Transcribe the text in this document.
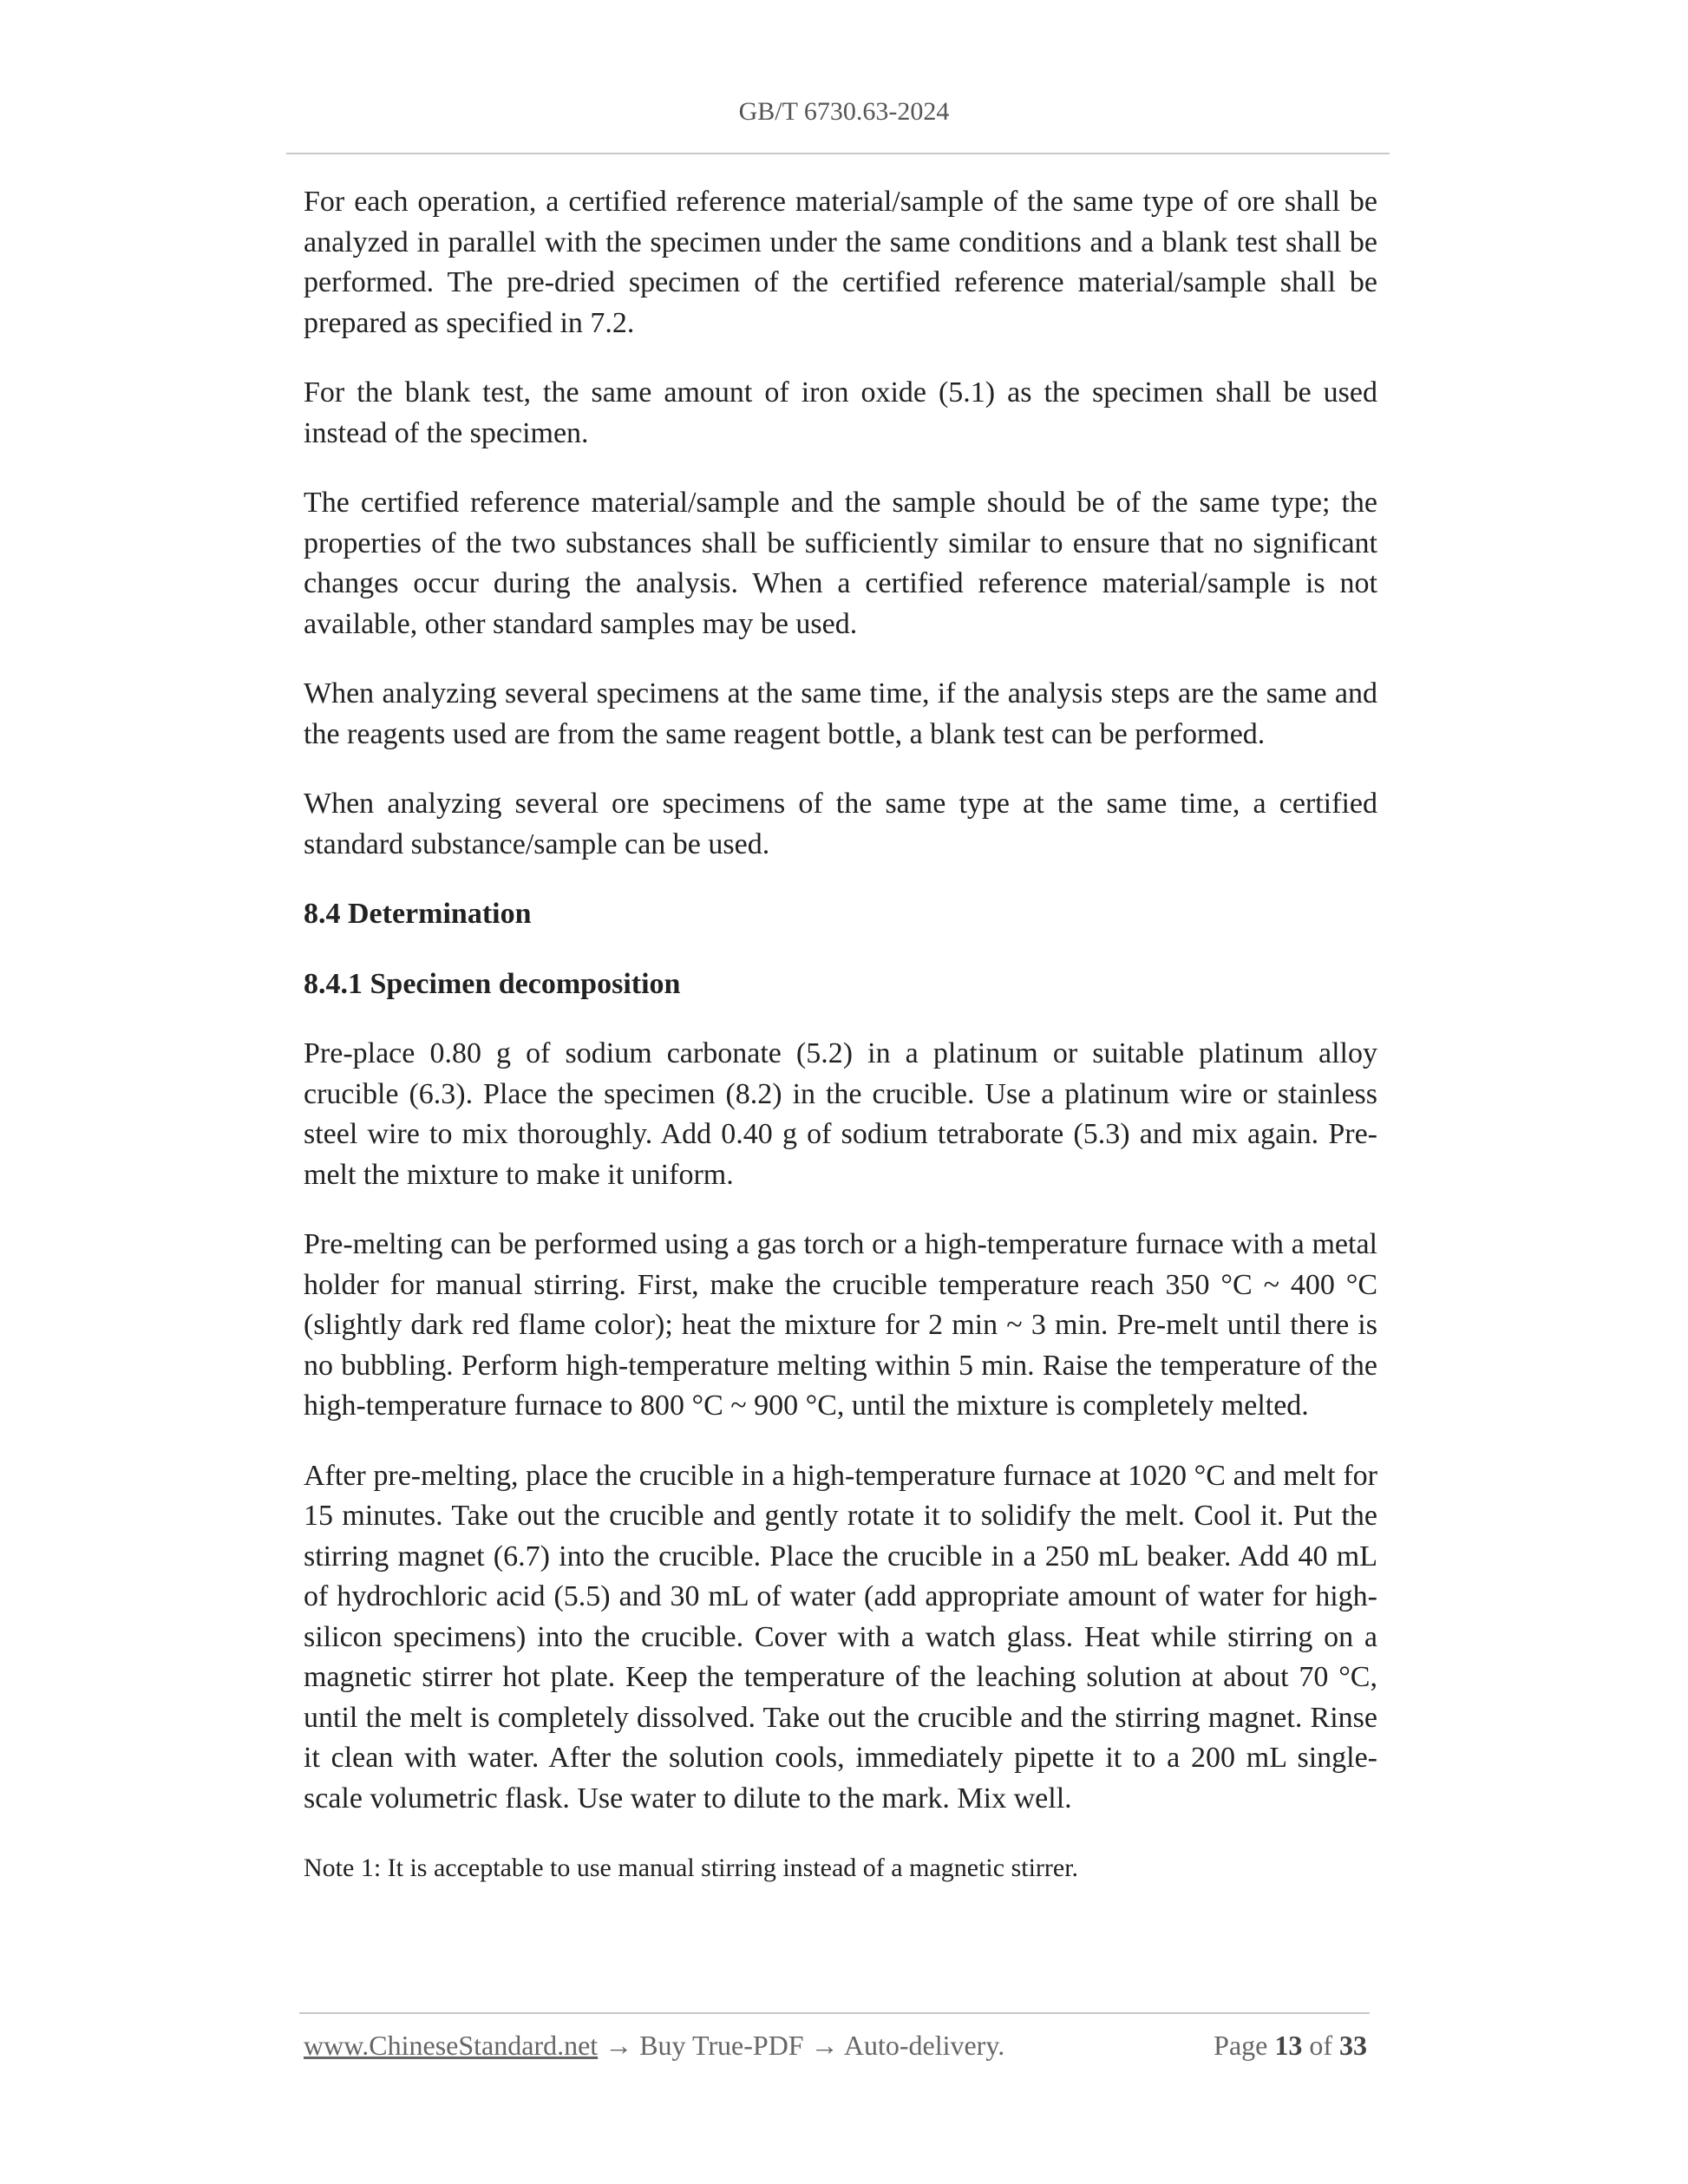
GB/T 6730.63-2024

For each operation, a certified reference material/sample of the same type of ore shall be analyzed in parallel with the specimen under the same conditions and a blank test shall be performed. The pre-dried specimen of the certified reference material/sample shall be prepared as specified in 7.2.

For the blank test, the same amount of iron oxide (5.1) as the specimen shall be used instead of the specimen.

The certified reference material/sample and the sample should be of the same type; the properties of the two substances shall be sufficiently similar to ensure that no significant changes occur during the analysis. When a certified reference material/sample is not available, other standard samples may be used.

When analyzing several specimens at the same time, if the analysis steps are the same and the reagents used are from the same reagent bottle, a blank test can be performed.

When analyzing several ore specimens of the same type at the same time, a certified standard substance/sample can be used.

8.4 Determination
8.4.1 Specimen decomposition

Pre-place 0.80 g of sodium carbonate (5.2) in a platinum or suitable platinum alloy crucible (6.3). Place the specimen (8.2) in the crucible. Use a platinum wire or stainless steel wire to mix thoroughly. Add 0.40 g of sodium tetraborate (5.3) and mix again. Pre-melt the mixture to make it uniform.

Pre-melting can be performed using a gas torch or a high-temperature furnace with a metal holder for manual stirring. First, make the crucible temperature reach 350 °C ~ 400 °C (slightly dark red flame color); heat the mixture for 2 min ~ 3 min. Pre-melt until there is no bubbling. Perform high-temperature melting within 5 min. Raise the temperature of the high-temperature furnace to 800 °C ~ 900 °C, until the mixture is completely melted.

After pre-melting, place the crucible in a high-temperature furnace at 1020 °C and melt for 15 minutes. Take out the crucible and gently rotate it to solidify the melt. Cool it. Put the stirring magnet (6.7) into the crucible. Place the crucible in a 250 mL beaker. Add 40 mL of hydrochloric acid (5.5) and 30 mL of water (add appropriate amount of water for high-silicon specimens) into the crucible. Cover with a watch glass. Heat while stirring on a magnetic stirrer hot plate. Keep the temperature of the leaching solution at about 70 °C, until the melt is completely dissolved. Take out the crucible and the stirring magnet. Rinse it clean with water. After the solution cools, immediately pipette it to a 200 mL single-scale volumetric flask. Use water to dilute to the mark. Mix well.

Note 1: It is acceptable to use manual stirring instead of a magnetic stirrer.

www.ChineseStandard.net → Buy True-PDF → Auto-delivery.	Page 13 of 33
